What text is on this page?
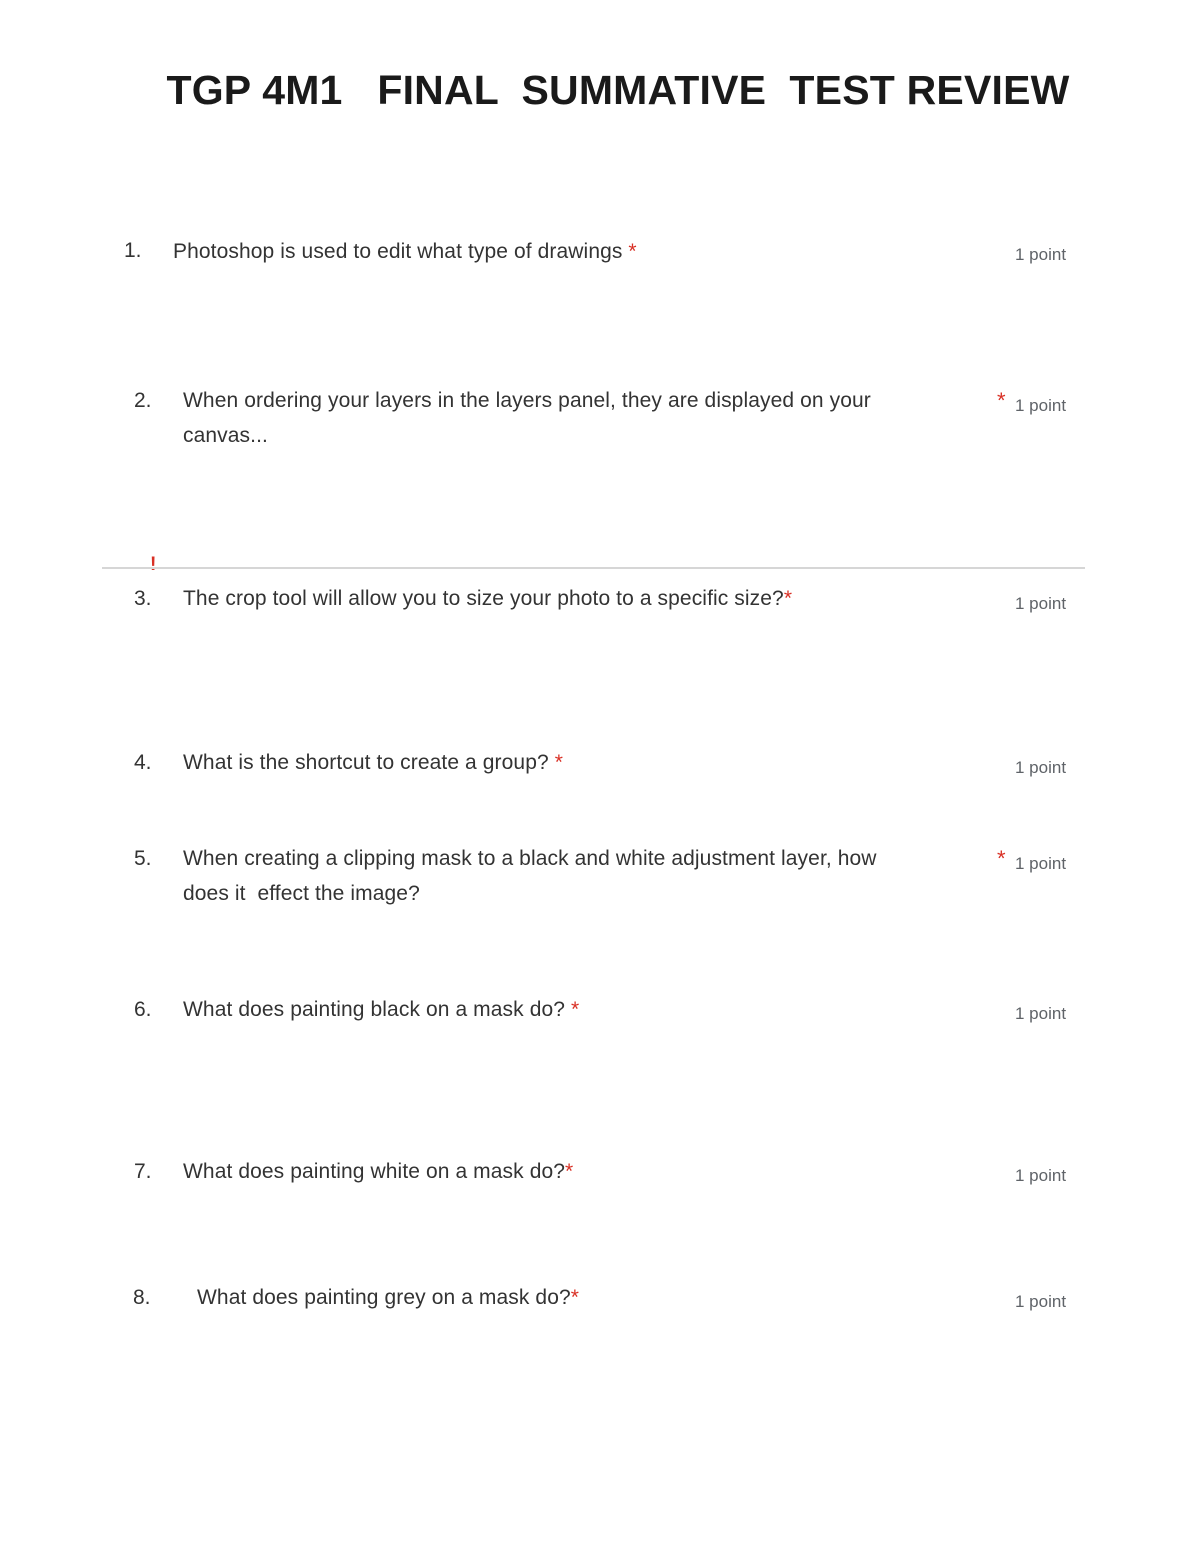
TGP 4M1   FINAL  SUMMATIVE  TEST REVIEW
1. Photoshop is used to edit what type of drawings *	1 point
2. When ordering your layers in the layers panel, they are displayed on your
canvas...
* 1 point
!
3. The crop tool will allow you to size your photo to a specific size?*	1 point
4. What is the shortcut to create a group? *	1 point
5. When creating a clipping mask to a black and white adjustment layer, how
does it  effect the image?
* 1 point
6. What does painting black on a mask do? *	1 point
7. What does painting white on a mask do?*	1 point
8. What does painting grey on a mask do?*	1 point
